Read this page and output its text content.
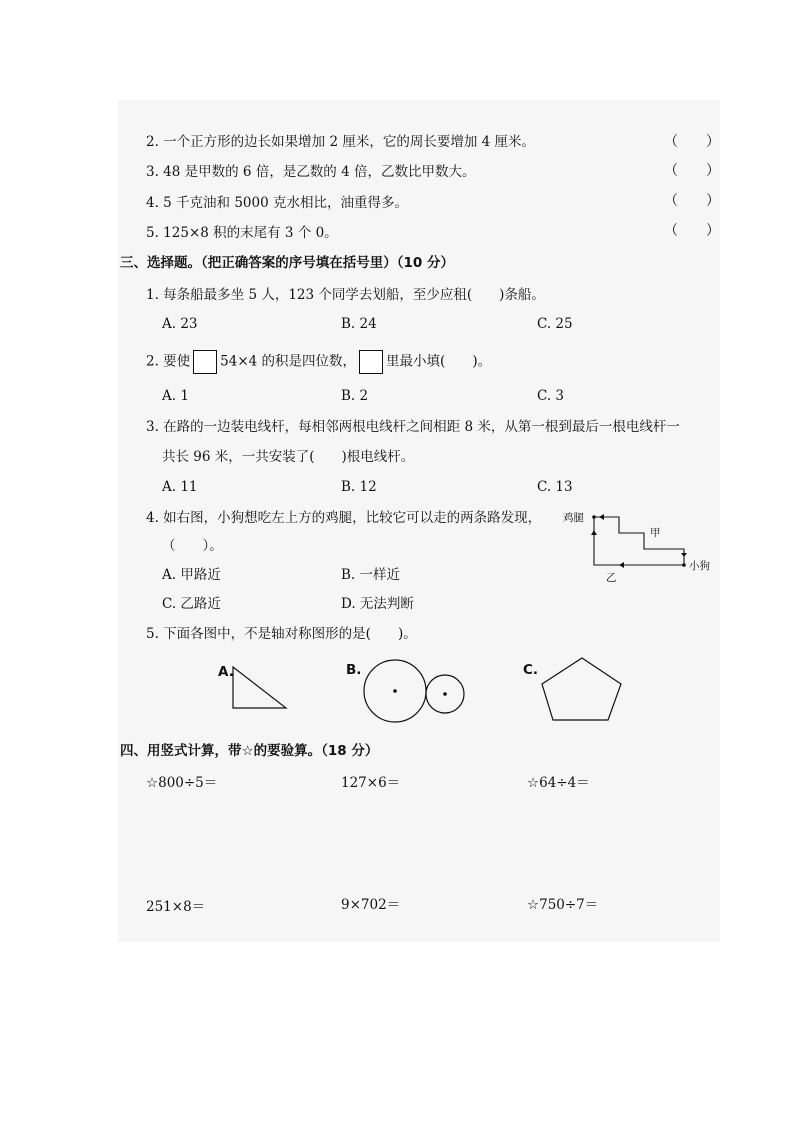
2. 一个正方形的边长如果增加 2 厘米，它的周长要增加 4 厘米。	（　　）
3. 48 是甲数的 6 倍，是乙数的 4 倍，乙数比甲数大。	（　　）
4. 5 千克油和 5000 克水相比，油重得多。	（　　）
5. 125×8 积的末尾有 3 个 0。	（　　）
三、选择题。（把正确答案的序号填在括号里）（10 分）
1. 每条船最多坐 5 人，123 个同学去划船，至少应租(　　)条船。
A. 23	B. 24	C. 25
2. 要使 54×4 的积是四位数， 里最小填(　　)。
A. 1	B. 2	C. 3
3. 在路的一边装电线杆，每相邻两根电线杆之间相距 8 米，从第一根到最后一根电线杆一
共长 96 米，一共安装了(　　)根电线杆。
A. 11	B. 12	C. 13
4. 如右图，小狗想吃左上方的鸡腿，比较它可以走的两条路发现，
（　　）。
A. 甲路近	B. 一样近
C. 乙路近	D. 无法判断
鸡腿
甲
乙
小狗
5. 下面各图中，不是轴对称图形的是(　　)。
A.	B.	C.
四、用竖式计算，带☆的要验算。（18 分）
☆800÷5＝	127×6＝	☆64÷4＝
251×8＝	9×702＝	☆750÷7＝
